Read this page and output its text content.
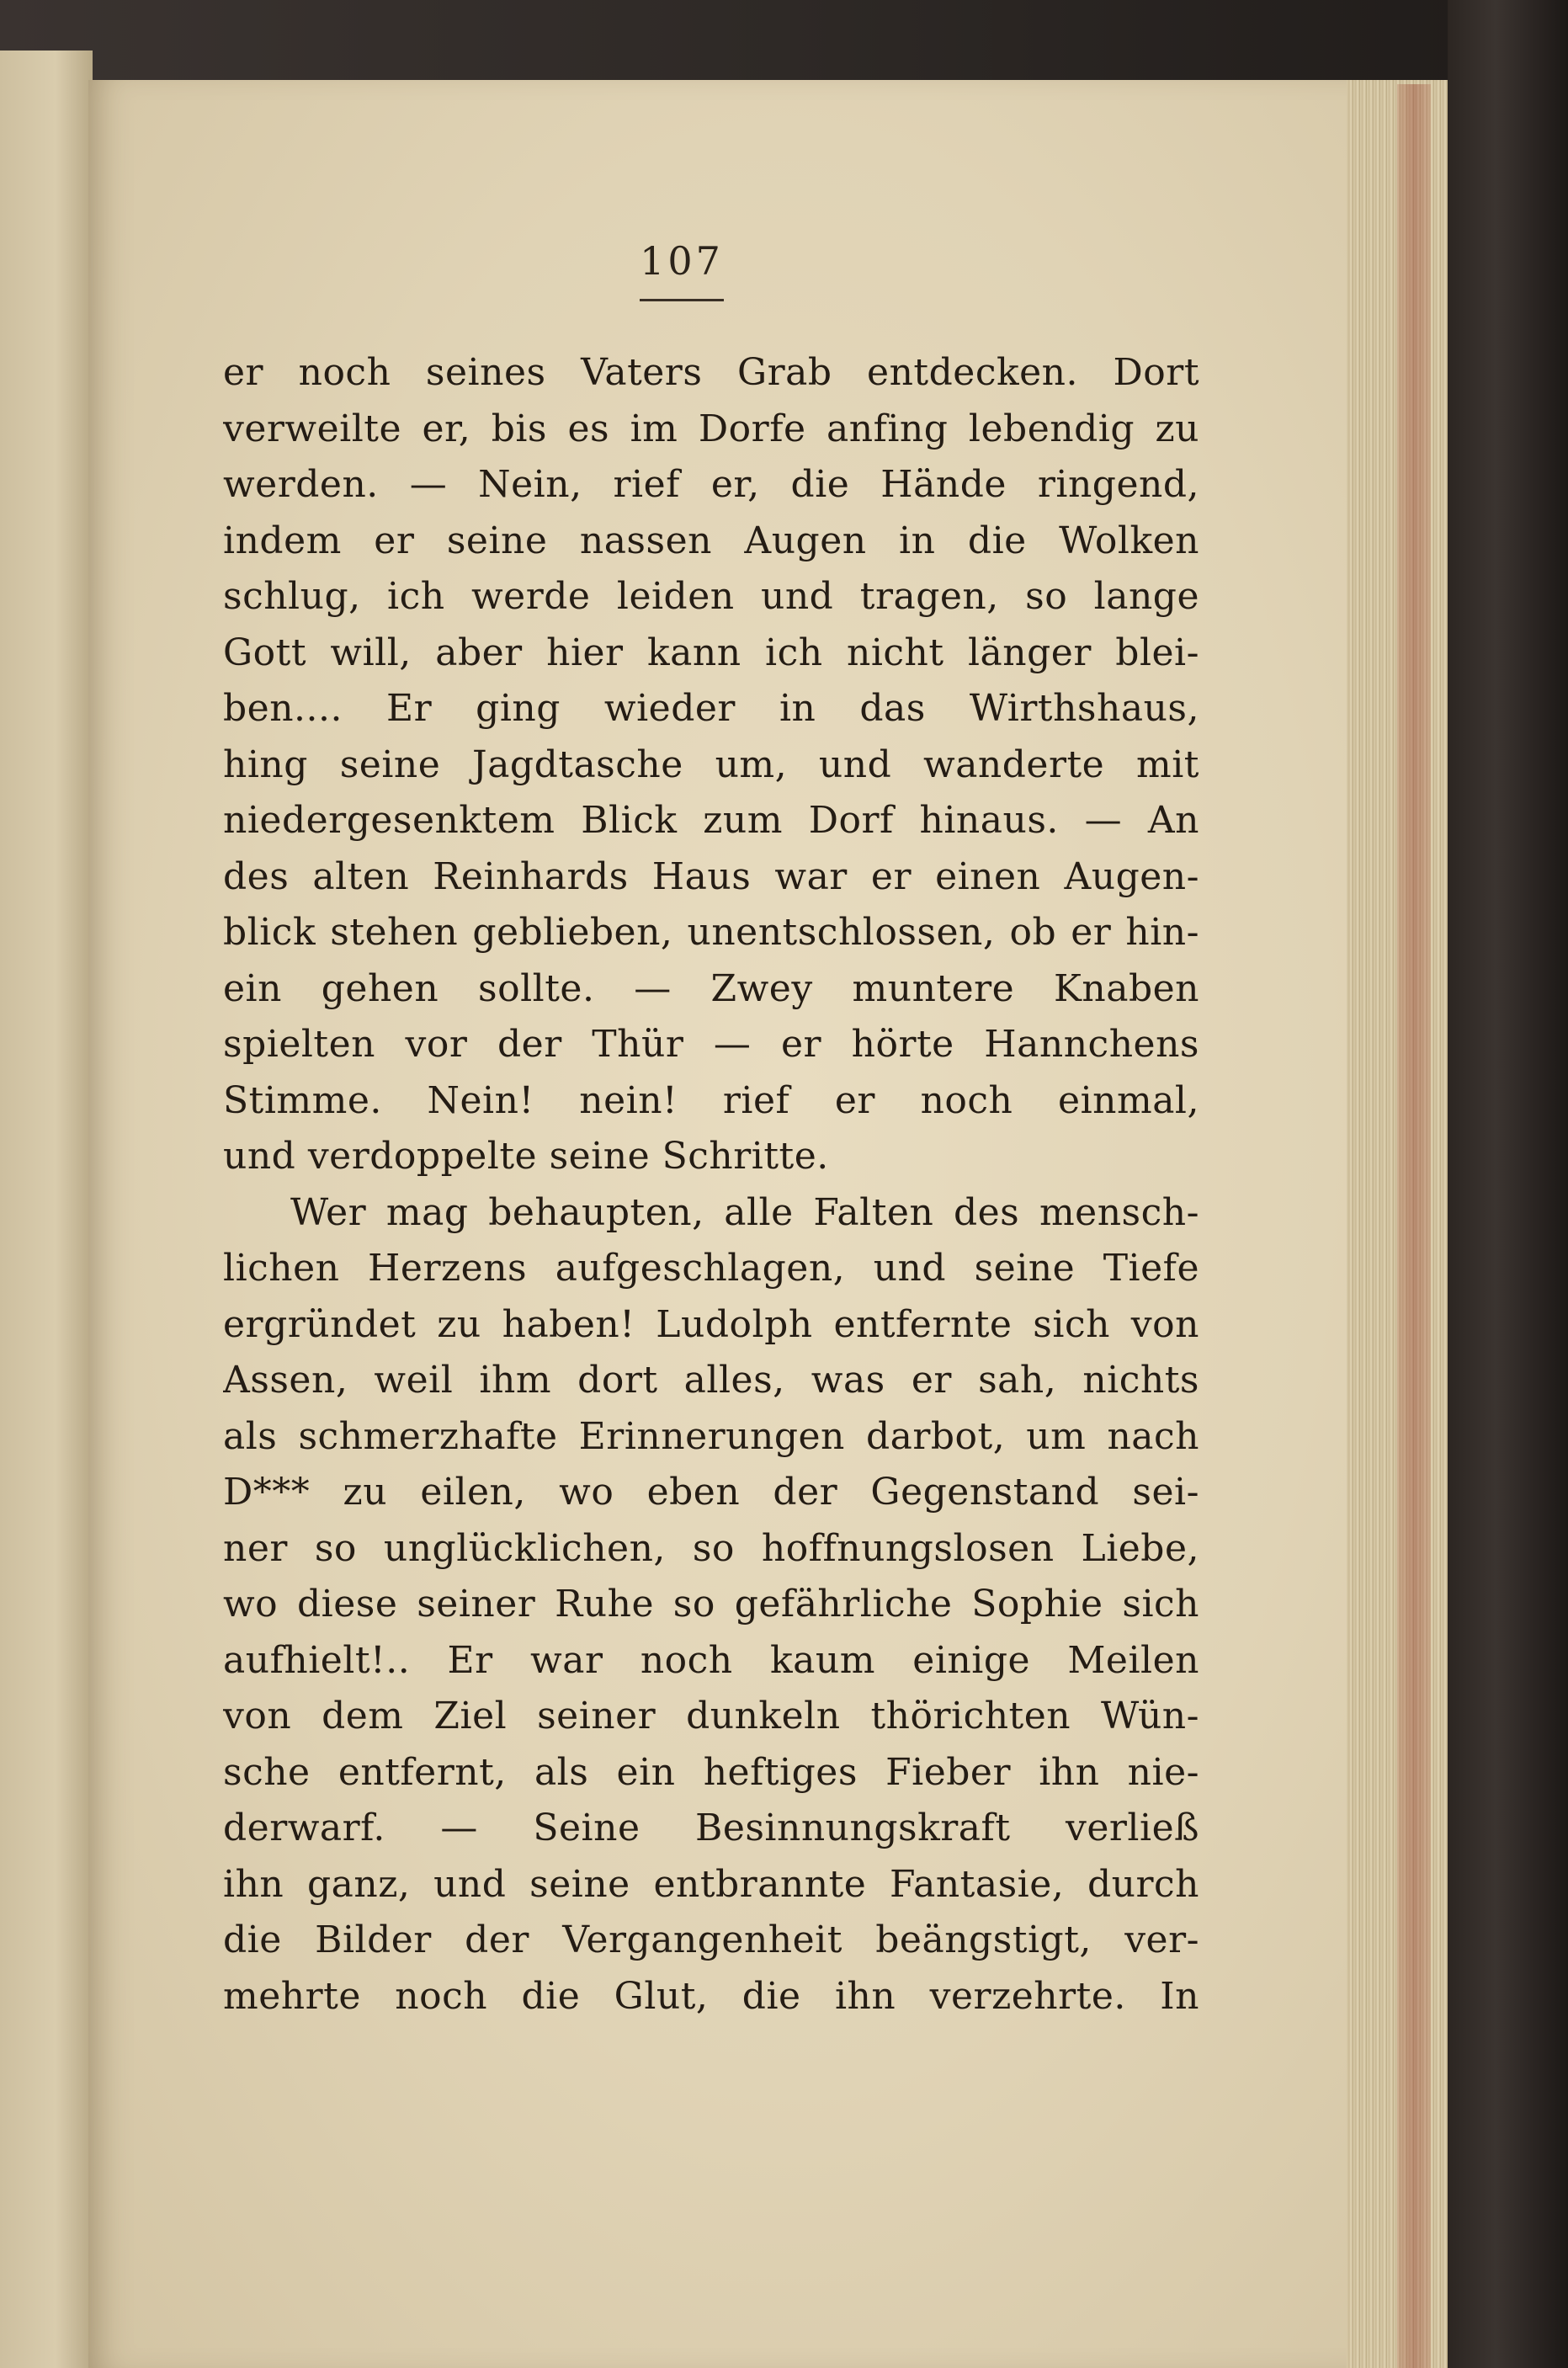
107
er noch seines Vaters Grab entdecken. Dort
verweilte er, bis es im Dorfe anfing lebendig zu
werden. — Nein, rief er, die Hände ringend,
indem er seine nassen Augen in die Wolken
schlug, ich werde leiden und tragen, so lange
Gott will, aber hier kann ich nicht länger blei-
ben.... Er ging wieder in das Wirthshaus,
hing seine Jagdtasche um, und wanderte mit
niedergesenktem Blick zum Dorf hinaus. — An
des alten Reinhards Haus war er einen Augen-
blick stehen geblieben, unentschlossen, ob er hin-
ein gehen sollte. — Zwey muntere Knaben
spielten vor der Thür — er hörte Hannchens
Stimme. Nein! nein! rief er noch einmal,
und verdoppelte seine Schritte.
Wer mag behaupten, alle Falten des mensch-
lichen Herzens aufgeschlagen, und seine Tiefe
ergründet zu haben! Ludolph entfernte sich von
Assen, weil ihm dort alles, was er sah, nichts
als schmerzhafte Erinnerungen darbot, um nach
D*** zu eilen, wo eben der Gegenstand sei-
ner so unglücklichen, so hoffnungslosen Liebe,
wo diese seiner Ruhe so gefährliche Sophie sich
aufhielt!.. Er war noch kaum einige Meilen
von dem Ziel seiner dunkeln thörichten Wün-
sche entfernt, als ein heftiges Fieber ihn nie-
derwarf. — Seine Besinnungskraft verließ
ihn ganz, und seine entbrannte Fantasie, durch
die Bilder der Vergangenheit beängstigt, ver-
mehrte noch die Glut, die ihn verzehrte. In
